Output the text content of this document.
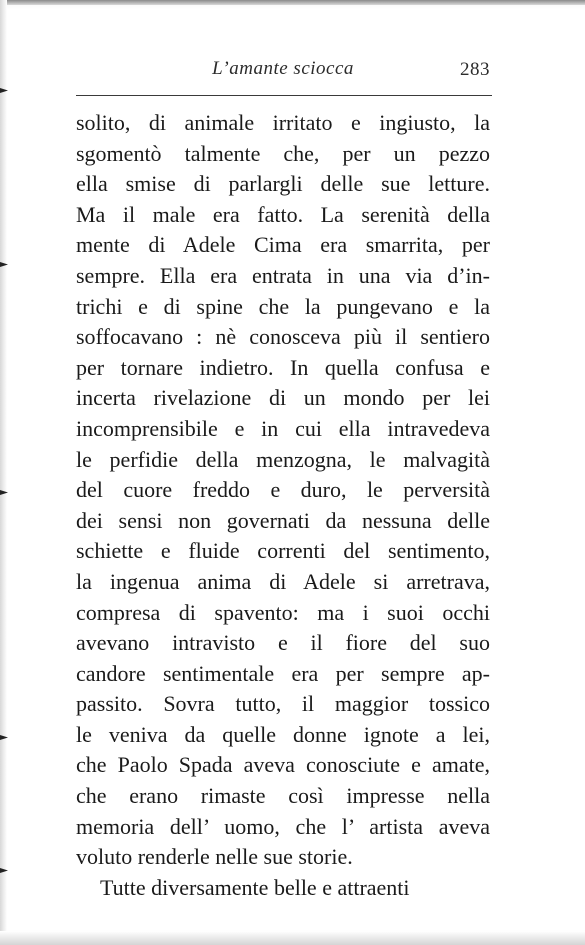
L’amante sciocca	283
solito, di animale irritato e ingiusto, la
sgomentò talmente che, per un pezzo
ella smise di parlargli delle sue letture.
Ma il male era fatto. La serenità della
mente di Adele Cima era smarrita, per
sempre. Ella era entrata in una via d’in-
trichi e di spine che la pungevano e la
soffocavano : nè conosceva più il sentiero
per tornare indietro. In quella confusa e
incerta rivelazione di un mondo per lei
incomprensibile e in cui ella intravedeva
le perfidie della menzogna, le malvagità
del cuore freddo e duro, le perversità
dei sensi non governati da nessuna delle
schiette e fluide correnti del sentimento,
la ingenua anima di Adele si arretrava,
compresa di spavento: ma i suoi occhi
avevano intravisto e il fiore del suo
candore sentimentale era per sempre ap-
passito. Sovra tutto, il maggior tossico
le veniva da quelle donne ignote a lei,
che Paolo Spada aveva conosciute e amate,
che erano rimaste così impresse nella
memoria dell’ uomo, che l’ artista aveva
voluto renderle nelle sue storie.
Tutte diversamente belle e attraenti
